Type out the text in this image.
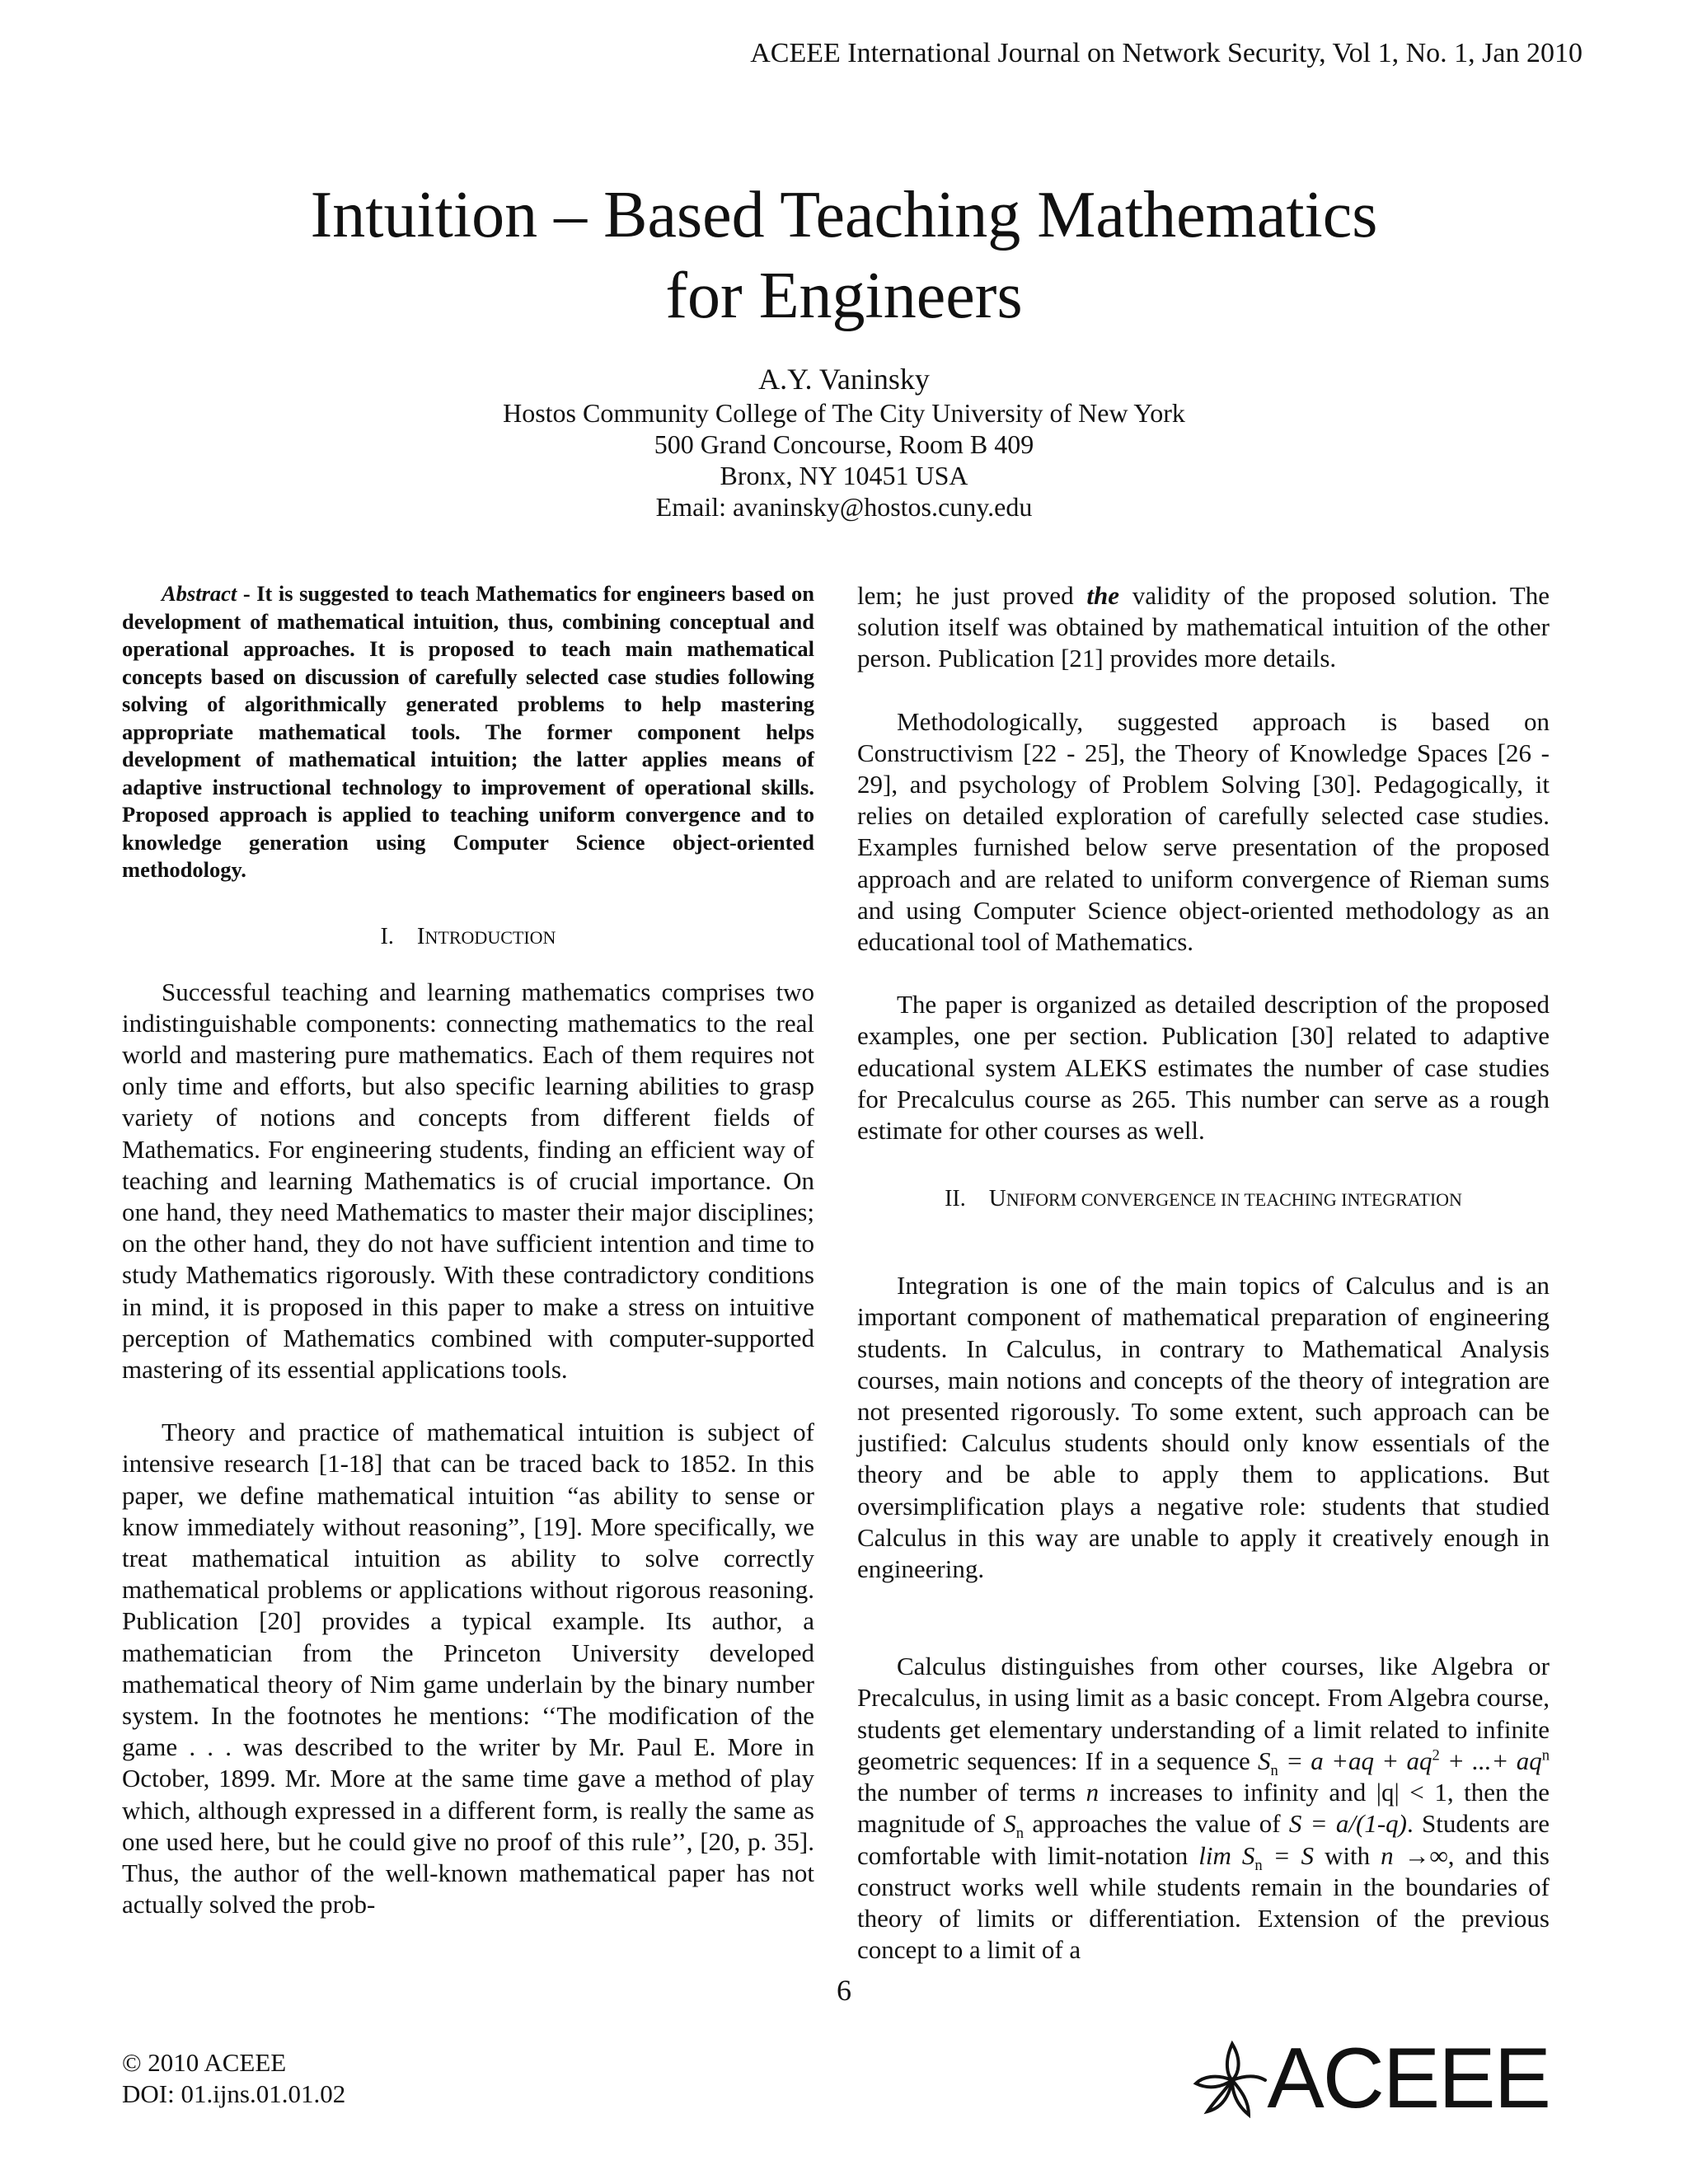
ACEEE International Journal on Network Security, Vol 1, No. 1, Jan 2010
Intuition – Based Teaching Mathematics
for Engineers
A.Y. Vaninsky
Hostos Community College of The City University of New York
500 Grand Concourse, Room B 409
Bronx, NY 10451 USA
Email: avaninsky@hostos.cuny.edu

Abstract - It is suggested to teach Mathematics for engineers based on development of mathematical intuition, thus, combining conceptual and operational approaches. It is proposed to teach main mathematical concepts based on discussion of carefully selected case studies following solving of algorithmically generated problems to help mastering appropriate mathematical tools. The former component helps development of mathematical intuition; the latter applies means of adaptive instructional technology to improvement of operational skills. Proposed approach is applied to teaching uniform convergence and to knowledge generation using Computer Science object-oriented methodology.

I. INTRODUCTION

Successful teaching and learning mathematics comprises two indistinguishable components: connecting mathematics to the real world and mastering pure mathematics. Each of them requires not only time and efforts, but also specific learning abilities to grasp variety of notions and concepts from different fields of Mathematics. For engineering students, finding an efficient way of teaching and learning Mathematics is of crucial importance. On one hand, they need Mathematics to master their major disciplines; on the other hand, they do not have sufficient intention and time to study Mathematics rigorously. With these contradictory conditions in mind, it is proposed in this paper to make a stress on intuitive perception of Mathematics combined with computer-supported mastering of its essential applications tools.

Theory and practice of mathematical intuition is subject of intensive research [1-18] that can be traced back to 1852. In this paper, we define mathematical intuition “as ability to sense or know immediately without reasoning”, [19]. More specifically, we treat mathematical intuition as ability to solve correctly mathematical problems or applications without rigorous reasoning. Publication [20] provides a typical example. Its author, a mathematician from the Princeton University developed mathematical theory of Nim game underlain by the binary number system. In the footnotes he mentions: ‘‘The modification of the game . . . was described to the writer by Mr. Paul E. More in October, 1899. Mr. More at the same time gave a method of play which, although expressed in a different form, is really the same as one used here, but he could give no proof of this rule’’, [20, p. 35]. Thus, the author of the well-known mathematical paper has not actually solved the prob-

lem; he just proved the validity of the proposed solution. The solution itself was obtained by mathematical intuition of the other person. Publication [21] provides more details.

Methodologically, suggested approach is based on Constructivism [22 - 25], the Theory of Knowledge Spaces [26 - 29], and psychology of Problem Solving [30]. Pedagogically, it relies on detailed exploration of carefully selected case studies. Examples furnished below serve presentation of the proposed approach and are related to uniform convergence of Rieman sums and using Computer Science object-oriented methodology as an educational tool of Mathematics.

The paper is organized as detailed description of the proposed examples, one per section. Publication [30] related to adaptive educational system ALEKS estimates the number of case studies for Precalculus course as 265. This number can serve as a rough estimate for other courses as well.

II. UNIFORM CONVERGENCE IN TEACHING INTEGRATION

Integration is one of the main topics of Calculus and is an important component of mathematical preparation of engineering students. In Calculus, in contrary to Mathematical Analysis courses, main notions and concepts of the theory of integration are not presented rigorously. To some extent, such approach can be justified: Calculus students should only know essentials of the theory and be able to apply them to applications. But oversimplification plays a negative role: students that studied Calculus in this way are unable to apply it creatively enough in engineering.

Calculus distinguishes from other courses, like Algebra or Precalculus, in using limit as a basic concept. From Algebra course, students get elementary understanding of a limit related to infinite geometric sequences: If in a sequence $S_n = a +aq + aq^2$ + ...+ $aq^n$ the number of terms n increases to infinity and |q| < 1, then the magnitude of $S_n$ approaches the value of S = a/(1-q). Students are comfortable with limit-notation $\lim S_n = S$ with n →∞, and this construct works well while students remain in the boundaries of theory of limits or differentiation. Extension of the previous concept to a limit of a

6
© 2010 ACEEE
DOI: 01.ijns.01.01.02	ACEEE
